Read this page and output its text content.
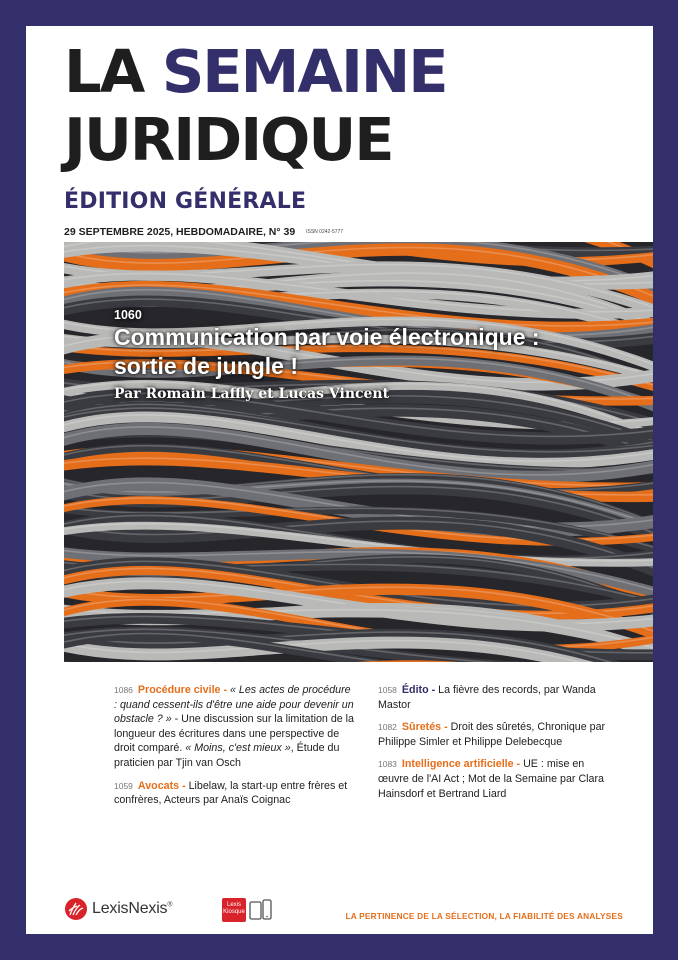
LA SEMAINE
JURIDIQUE
ÉDITION GÉNÉRALE
29 SEPTEMBRE 2025, HEBDOMADAIRE, N° 39 ISSN 0242-5777
1060
Communication par voie électronique :
sortie de jungle !
Par Romain Laffly et Lucas Vincent
1086 Procédure civile - « Les actes de procédure : quand cessent-ils d'être une aide pour devenir un obstacle ? » - Une discussion sur la limitation de la longueur des écritures dans une perspective de droit comparé. « Moins, c'est mieux », Étude du praticien par Tjin van Osch
1059 Avocats - Libelaw, la start-up entre frères et confrères, Acteurs par Anaïs Coignac
1058 Édito - La fièvre des records, par Wanda Mastor
1082 Sûretés - Droit des sûretés, Chronique par Philippe Simler et Philippe Delebecque
1083 Intelligence artificielle - UE : mise en œuvre de l'AI Act ; Mot de la Semaine par Clara Hainsdorf et Bertrand Liard
LexisNexis®	Lexis
Kiosque	LA PERTINENCE DE LA SÉLECTION, LA FIABILITÉ DES ANALYSES
